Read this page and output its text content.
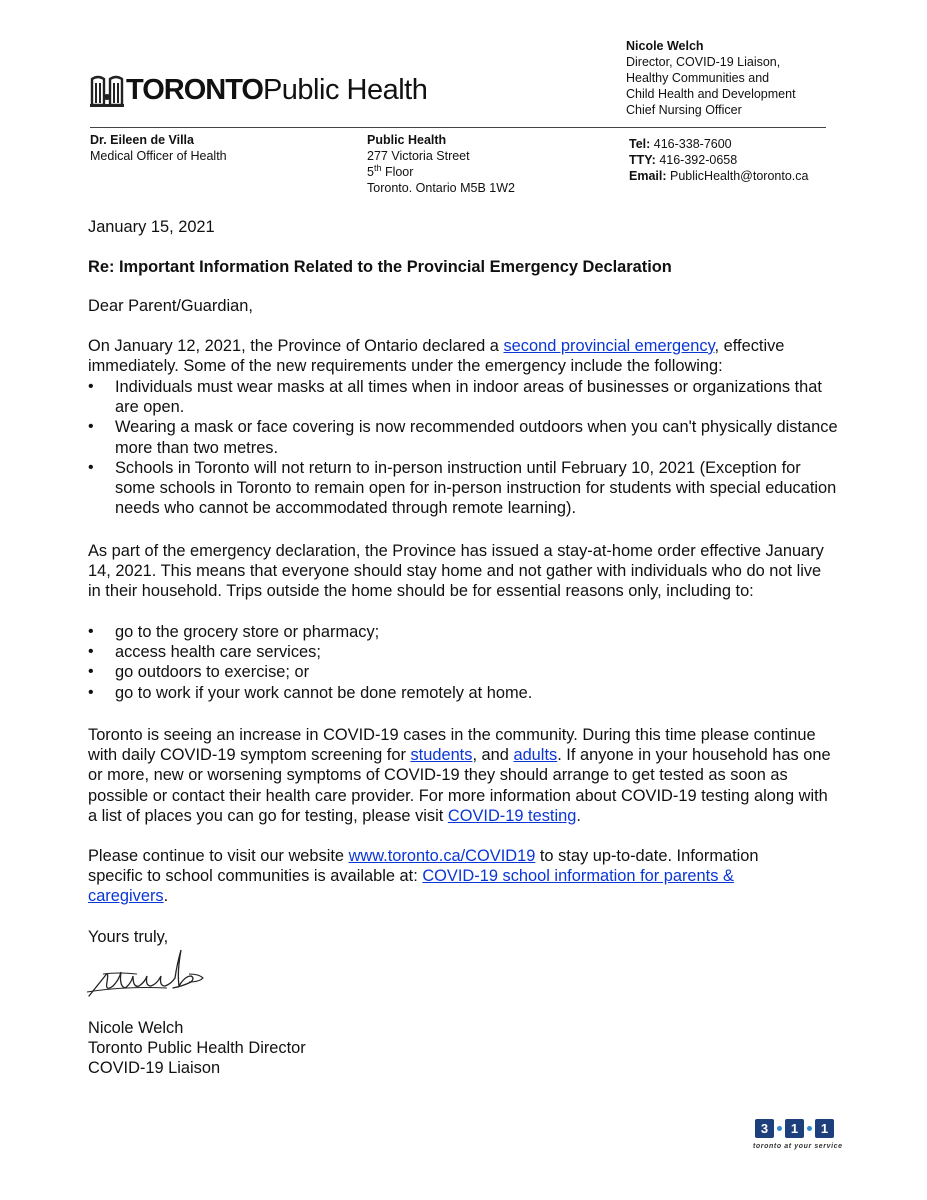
Nicole Welch
Director, COVID-19 Liaison,
Healthy Communities and
Child Health and Development
Chief Nursing Officer
TORONTOPublic Health
Dr. Eileen de Villa
Medical Officer of Health
Public Health
277 Victoria Street
5th Floor
Toronto. Ontario M5B 1W2
Tel: 416-338-7600
TTY: 416-392-0658
Email: PublicHealth@toronto.ca
January 15, 2021
Re: Important Information Related to the Provincial Emergency Declaration
Dear Parent/Guardian,
On January 12, 2021, the Province of Ontario declared a second provincial emergency, effective immediately. Some of the new requirements under the emergency include the following:
• Individuals must wear masks at all times when in indoor areas of businesses or organizations that are open.
• Wearing a mask or face covering is now recommended outdoors when you can't physically distance more than two metres.
• Schools in Toronto will not return to in-person instruction until February 10, 2021 (Exception for some schools in Toronto to remain open for in-person instruction for students with special education needs who cannot be accommodated through remote learning).
As part of the emergency declaration, the Province has issued a stay-at-home order effective January 14, 2021. This means that everyone should stay home and not gather with individuals who do not live in their household. Trips outside the home should be for essential reasons only, including to:
• go to the grocery store or pharmacy;
• access health care services;
• go outdoors to exercise; or
• go to work if your work cannot be done remotely at home.
Toronto is seeing an increase in COVID-19 cases in the community. During this time please continue with daily COVID-19 symptom screening for students, and adults. If anyone in your household has one or more, new or worsening symptoms of COVID-19 they should arrange to get tested as soon as possible or contact their health care provider. For more information about COVID-19 testing along with a list of places you can go for testing, please visit COVID-19 testing.
Please continue to visit our website www.toronto.ca/COVID19 to stay up-to-date. Information specific to school communities is available at: COVID-19 school information for parents & caregivers.
Yours truly,
Nicole Welch
Toronto Public Health Director
COVID-19 Liaison
3	1	1
toronto at your service
